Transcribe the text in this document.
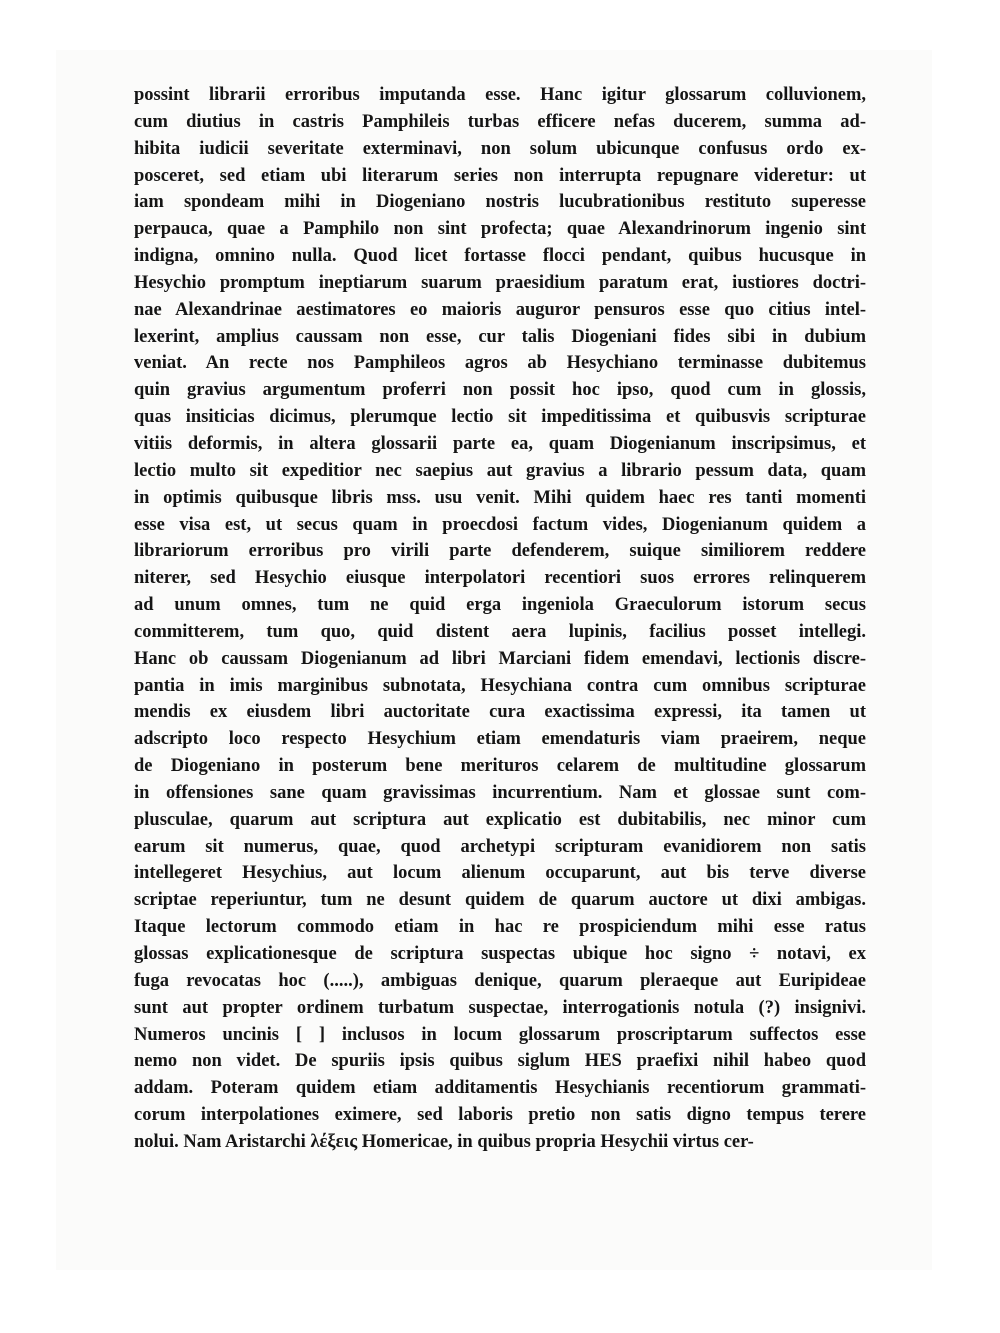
possint librarii erroribus imputanda esse. Hanc igitur glossarum colluvionem,
cum diutius in castris Pamphileis turbas efficere nefas ducerem, summa ad-
hibita iudicii severitate exterminavi, non solum ubicunque confusus ordo ex-
posceret, sed etiam ubi literarum series non interrupta repugnare videretur: ut
iam spondeam mihi in Diogeniano nostris lucubrationibus restituto superesse
perpauca, quae a Pamphilo non sint profecta; quae Alexandrinorum ingenio sint
indigna, omnino nulla. Quod licet fortasse flocci pendant, quibus hucusque in
Hesychio promptum ineptiarum suarum praesidium paratum erat, iustiores doctri-
nae Alexandrinae aestimatores eo maioris auguror pensuros esse quo citius intel-
lexerint, amplius caussam non esse, cur talis Diogeniani fides sibi in dubium
veniat. An recte nos Pamphileos agros ab Hesychiano terminasse dubitemus
quin gravius argumentum proferri non possit hoc ipso, quod cum in glossis,
quas insiticias dicimus, plerumque lectio sit impeditissima et quibusvis scripturae
vitiis deformis, in altera glossarii parte ea, quam Diogenianum inscripsimus, et
lectio multo sit expeditior nec saepius aut gravius a librario pessum data, quam
in optimis quibusque libris mss. usu venit. Mihi quidem haec res tanti momenti
esse visa est, ut secus quam in proecdosi factum vides, Diogenianum quidem a
librariorum erroribus pro virili parte defenderem, suique similiorem reddere
niterer, sed Hesychio eiusque interpolatori recentiori suos errores relinquerem
ad unum omnes, tum ne quid erga ingeniola Graeculorum istorum secus
committerem, tum quo, quid distent aera lupinis, facilius posset intellegi.
Hanc ob caussam Diogenianum ad libri Marciani fidem emendavi, lectionis discre-
pantia in imis marginibus subnotata, Hesychiana contra cum omnibus scripturae
mendis ex eiusdem libri auctoritate cura exactissima expressi, ita tamen ut
adscripto loco respecto Hesychium etiam emendaturis viam praeirem, neque
de Diogeniano in posterum bene merituros celarem de multitudine glossarum
in offensiones sane quam gravissimas incurrentium. Nam et glossae sunt com-
plusculae, quarum aut scriptura aut explicatio est dubitabilis, nec minor cum
earum sit numerus, quae, quod archetypi scripturam evanidiorem non satis
intellegeret Hesychius, aut locum alienum occuparunt, aut bis terve diverse
scriptae reperiuntur, tum ne desunt quidem de quarum auctore ut dixi ambigas.
Itaque lectorum commodo etiam in hac re prospiciendum mihi esse ratus
glossas explicationesque de scriptura suspectas ubique hoc signo ÷ notavi, ex
fuga revocatas hoc (.....), ambiguas denique, quarum pleraeque aut Euripideae
sunt aut propter ordinem turbatum suspectae, interrogationis notula (?) insignivi.
Numeros uncinis [ ] inclusos in locum glossarum proscriptarum suffectos esse
nemo non videt. De spuriis ipsis quibus siglum HES praefixi nihil habeo quod
addam. Poteram quidem etiam additamentis Hesychianis recentiorum grammati-
corum interpolationes eximere, sed laboris pretio non satis digno tempus terere
nolui. Nam Aristarchi λέξεις Homericae, in quibus propria Hesychii virtus cer-
